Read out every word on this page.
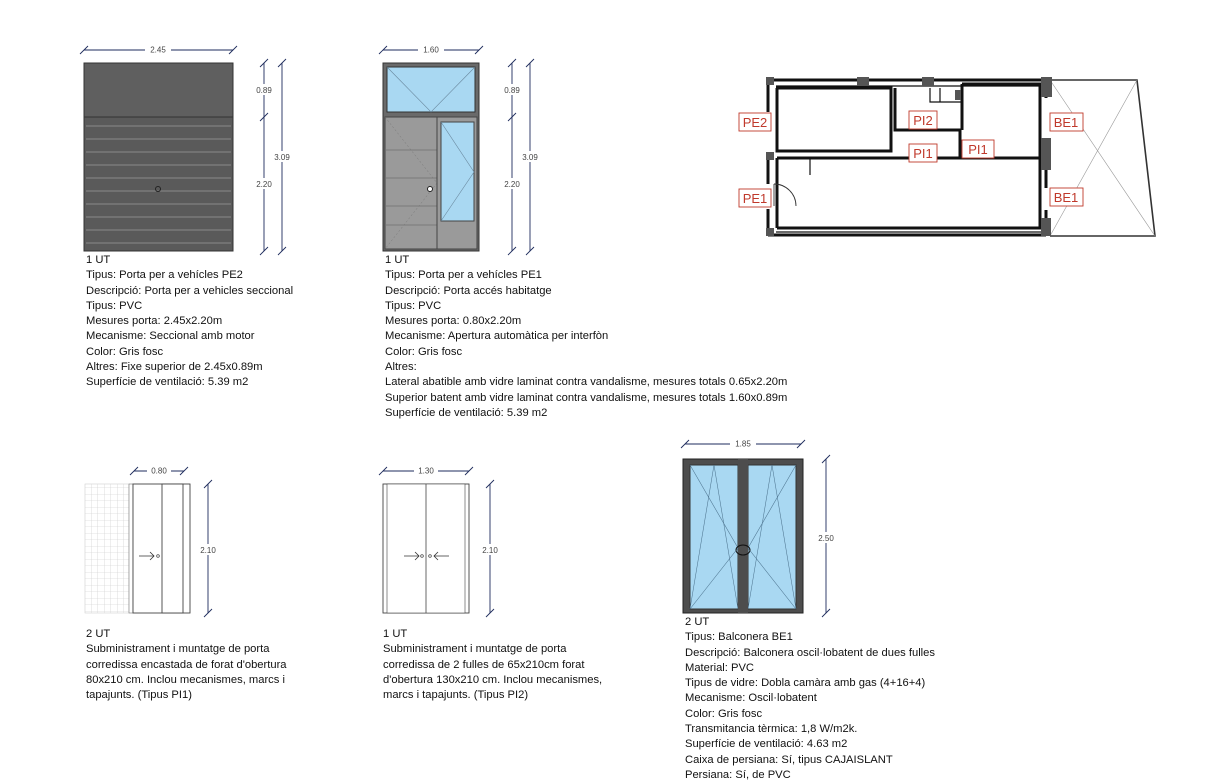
2.45
0.89
2.20
3.09
1.60
0.89
2.20
3.09
PE2
PE1
PI2
PI1	PI1
BE1
BE1
0.80
2.10
1.30
2.10
1.85
2.50
1 UT
Tipus: Porta per a vehícles PE2
Descripció: Porta per a vehicles seccional
Tipus: PVC
Mesures porta: 2.45x2.20m
Mecanisme: Seccional amb motor
Color: Gris fosc
Altres: Fixe superior de 2.45x0.89m
Superfície de ventilació: 5.39 m2
1 UT
Tipus: Porta per a vehícles PE1
Descripció: Porta accés habitatge
Tipus: PVC
Mesures porta: 0.80x2.20m
Mecanisme: Apertura automàtica per interfòn
Color: Gris fosc
Altres:
Lateral abatible amb vidre laminat contra vandalisme, mesures totals 0.65x2.20m
Superior batent amb vidre laminat contra vandalisme, mesures totals 1.60x0.89m
Superfície de ventilació: 5.39 m2
2 UT
Subministrament i muntatge de porta
corredissa encastada de forat d'obertura
80x210 cm. Inclou mecanismes, marcs i
tapajunts. (Tipus PI1)
1 UT
Subministrament i muntatge de porta
corredissa de 2 fulles de 65x210cm forat
d'obertura 130x210 cm. Inclou mecanismes,
marcs i tapajunts. (Tipus PI2)
2 UT
Tipus: Balconera BE1
Descripció: Balconera oscil·lobatent de dues fulles
Material: PVC
Tipus de vidre: Dobla camàra amb gas (4+16+4)
Mecanisme: Oscil·lobatent
Color: Gris fosc
Transmitancia tèrmica: 1,8 W/m2k.
Superfície de ventilació: 4.63 m2
Caixa de persiana: Sí, tipus CAJAISLANT
Persiana: Sí, de PVC
